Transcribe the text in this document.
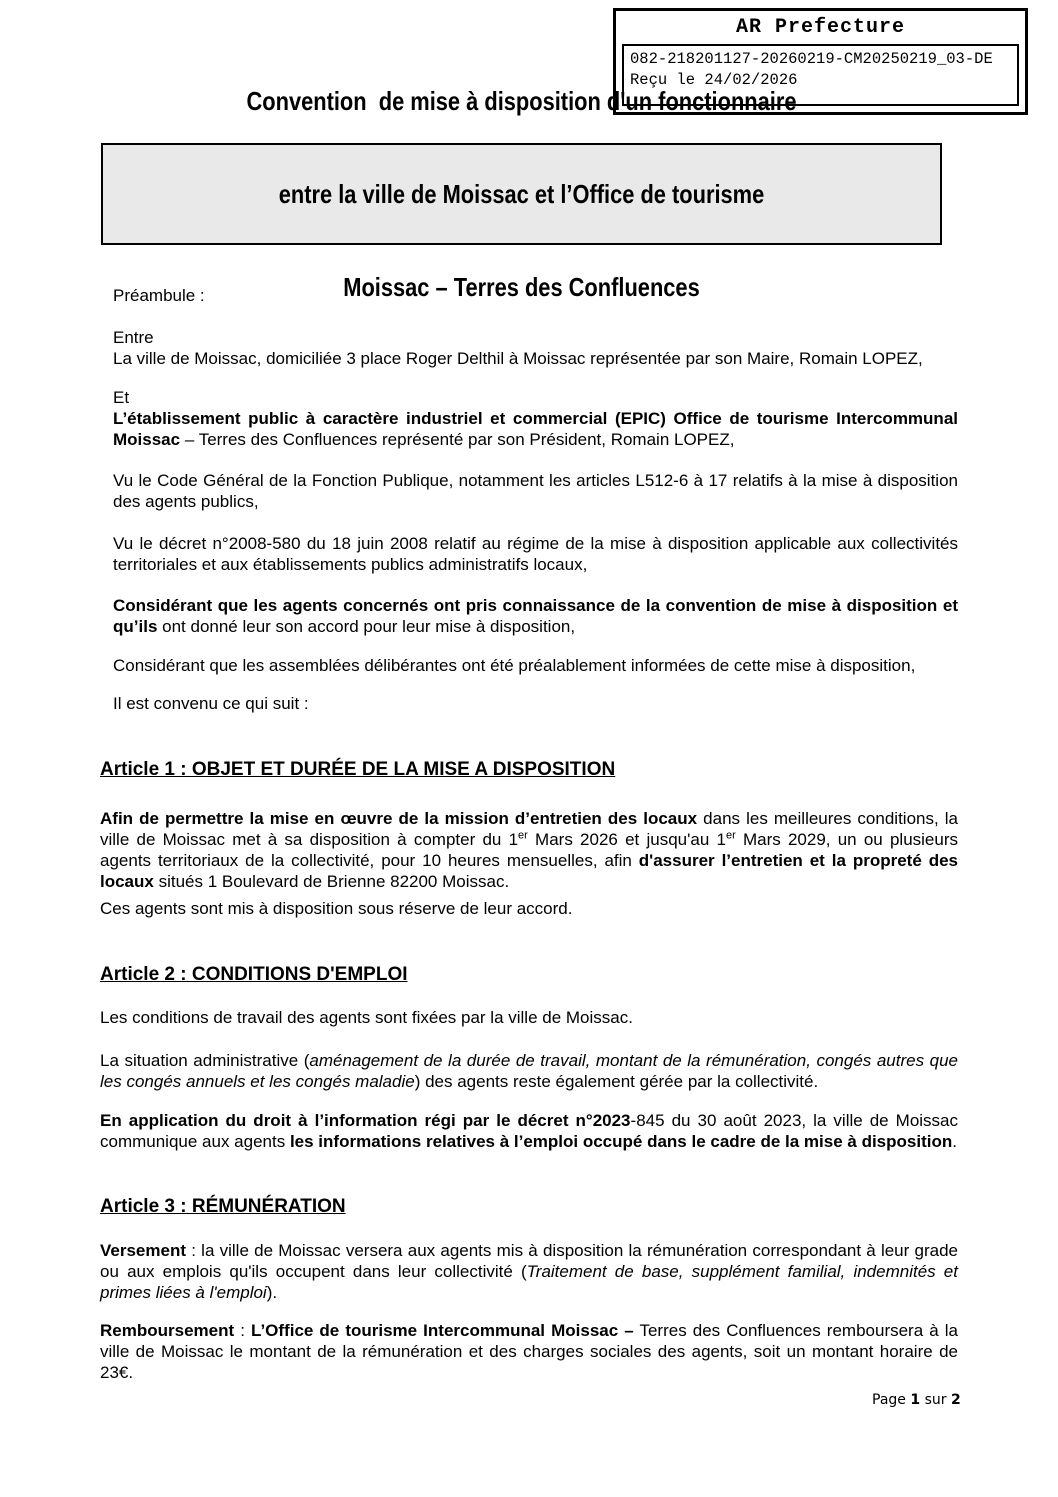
AR Prefecture
082-218201127-20260219-CM20250219_03-DE
Reçu le 24/02/2026

Convention  de mise à disposition d'un fonctionnaire

entre la ville de Moissac et l’Office de tourisme

Moissac – Terres des Confluences

Préambule :

Entre
La ville de Moissac, domiciliée 3 place Roger Delthil à Moissac représentée par son Maire, Romain LOPEZ,

Et
L’établissement public à caractère industriel et commercial (EPIC) Office de tourisme Intercommunal Moissac – Terres des Confluences représenté par son Président, Romain LOPEZ,

Vu le Code Général de la Fonction Publique, notamment les articles L512-6 à 17 relatifs à la mise à disposition des agents publics,

Vu le décret n°2008-580 du 18 juin 2008 relatif au régime de la mise à disposition applicable aux collectivités territoriales et aux établissements publics administratifs locaux,

Considérant que les agents concernés ont pris connaissance de la convention de mise à disposition et qu’ils ont donné leur son accord pour leur mise à disposition,

Considérant que les assemblées délibérantes ont été préalablement informées de cette mise à disposition,

Il est convenu ce qui suit :

Article 1 : OBJET ET DURÉE DE LA MISE A DISPOSITION

Afin de permettre la mise en œuvre de la mission d’entretien des locaux dans les meilleures conditions, la ville de Moissac met à sa disposition à compter du 1er Mars 2026 et jusqu'au 1er Mars 2029, un ou plusieurs agents territoriaux de la collectivité, pour 10 heures mensuelles, afin d'assurer l’entretien et la propreté des locaux situés 1 Boulevard de Brienne 82200 Moissac.

Ces agents sont mis à disposition sous réserve de leur accord.

Article 2 : CONDITIONS D'EMPLOI

Les conditions de travail des agents sont fixées par la ville de Moissac.

La situation administrative (aménagement de la durée de travail, montant de la rémunération, congés autres que les congés annuels et les congés maladie) des agents reste également gérée par la collectivité.

En application du droit à l’information régi par le décret n°2023-845 du 30 août 2023, la ville de Moissac communique aux agents les informations relatives à l’emploi occupé dans le cadre de la mise à disposition.

Article 3 : RÉMUNÉRATION

Versement : la ville de Moissac versera aux agents mis à disposition la rémunération correspondant à leur grade ou aux emplois qu'ils occupent dans leur collectivité (Traitement de base, supplément familial, indemnités et primes liées à l'emploi).

Remboursement : L’Office de tourisme Intercommunal Moissac – Terres des Confluences remboursera à la ville de Moissac le montant de la rémunération et des charges sociales des agents, soit un montant horaire de 23€.

Page 1 sur 2
